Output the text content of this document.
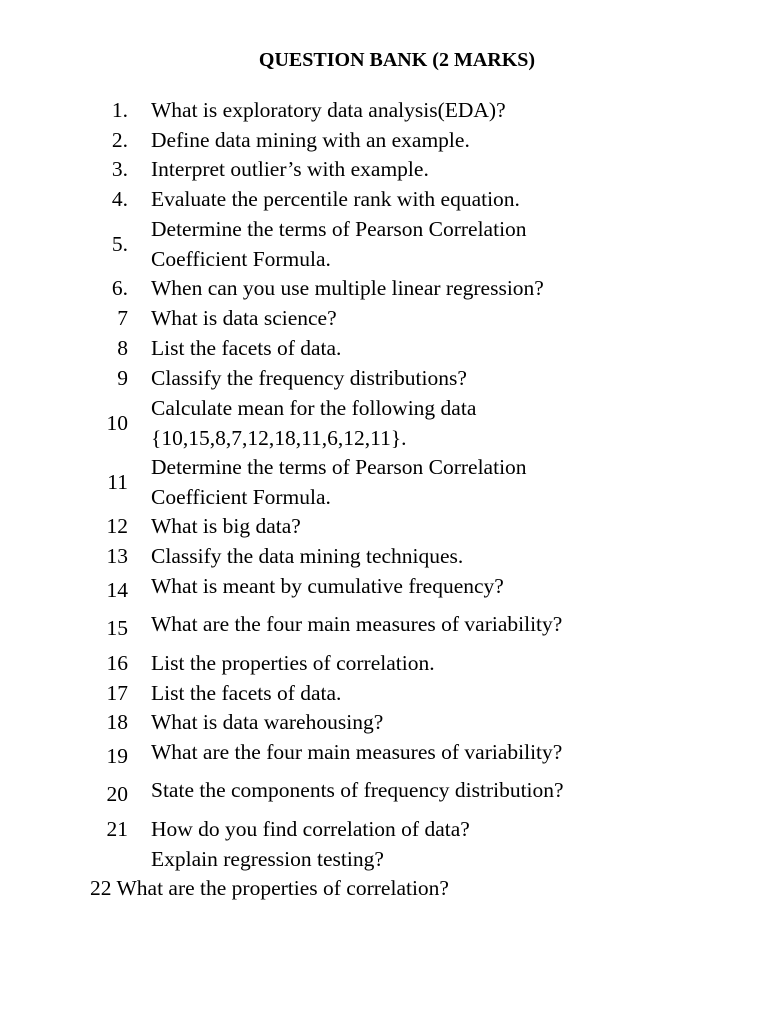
QUESTION BANK (2 MARKS)
1. What is exploratory data analysis(EDA)?
2. Define data mining with an example.
3. Interpret outlier’s with example.
4. Evaluate the percentile rank with equation.
5.
Determine the terms of Pearson Correlation
Coefficient Formula.
6. When can you use multiple linear regression?
7 What is data science?
8 List the facets of data.
9 Classify the frequency distributions?
10
Calculate mean for the following data
{10,15,8,7,12,18,11,6,12,11}.
11
Determine the terms of Pearson Correlation
Coefficient Formula.
12 What is big data?
13 Classify the data mining techniques.
14 What is meant by cumulative frequency?
15 What are the four main measures of variability?
16 List the properties of correlation.
17 List the facets of data.
18 What is data warehousing?
19 What are the four main measures of variability?
20 State the components of frequency distribution?
21 How do you find correlation of data?
Explain regression testing?
22 What are the properties of correlation?
